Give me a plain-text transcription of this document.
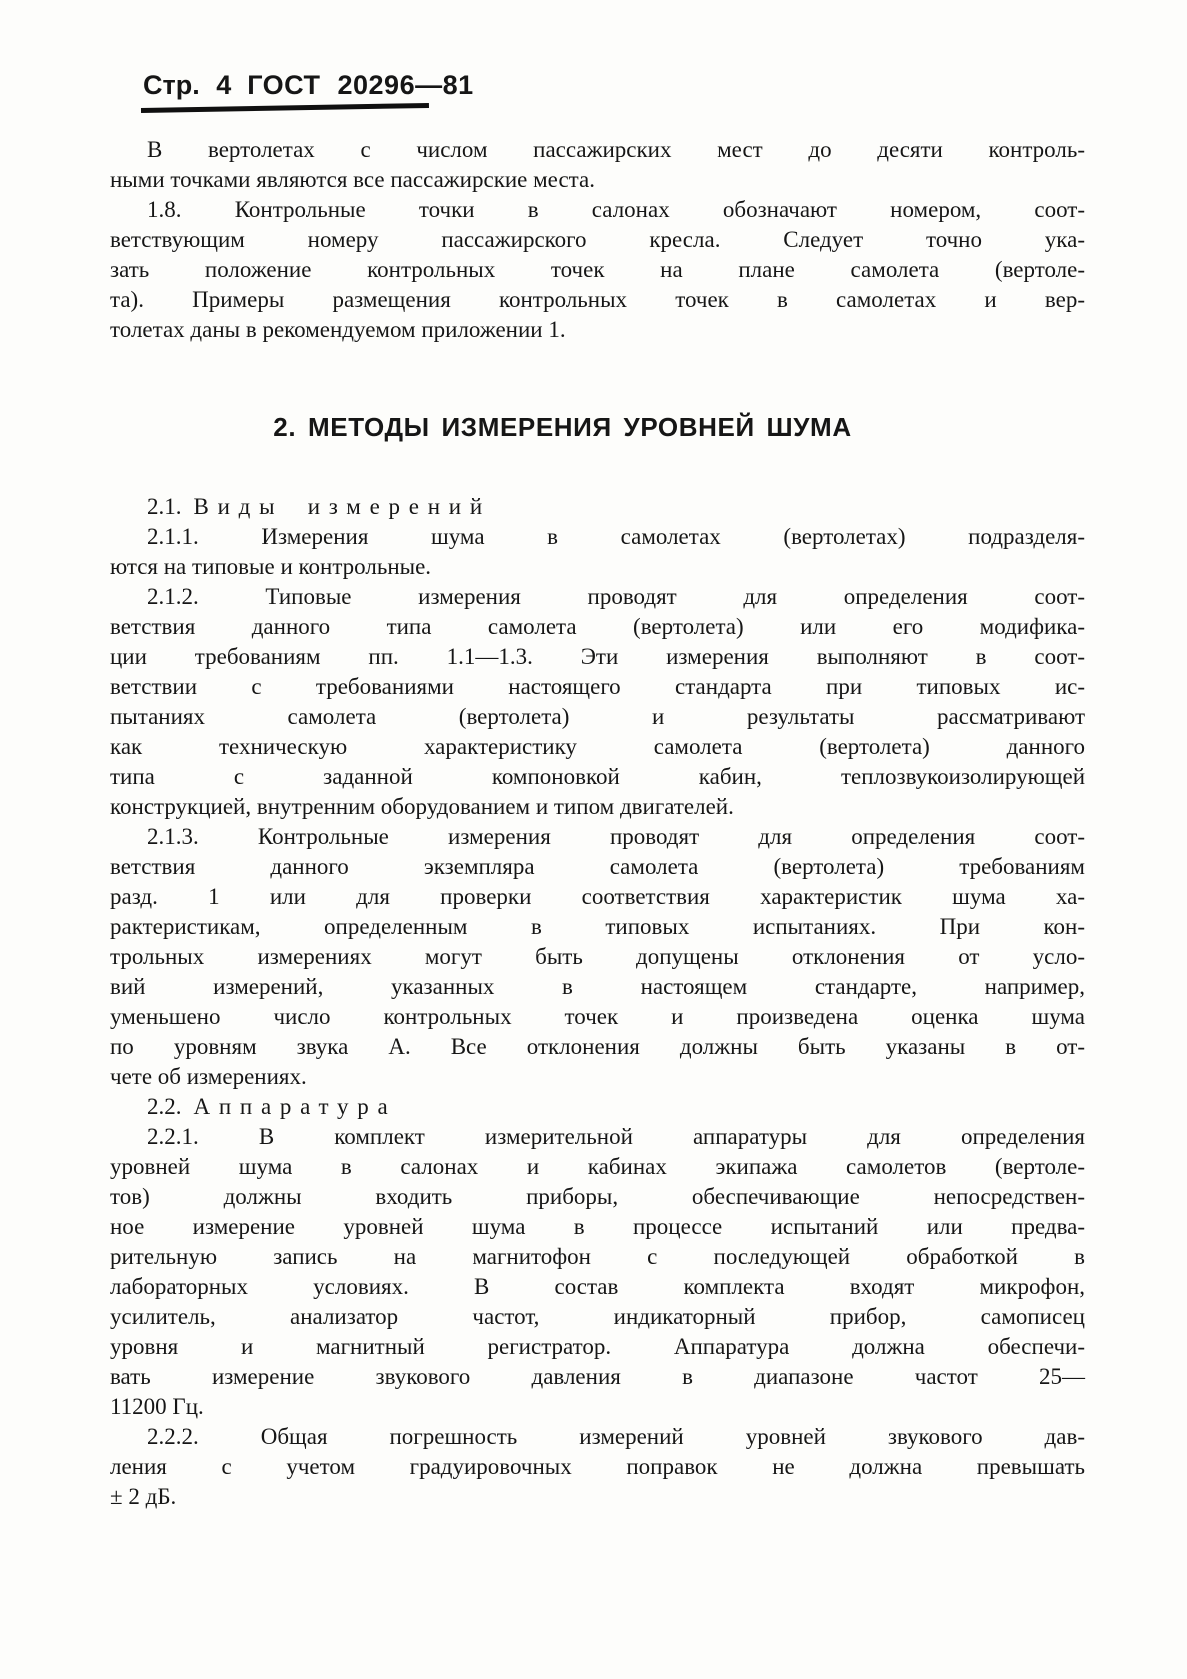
Стр. 4 ГОСТ 20296—81
В вертолетах с числом пассажирских мест до десяти контроль-
ными точками являются все пассажирские места.
1.8. Контрольные точки в салонах обозначают номером, соот-
ветствующим номеру пассажирского кресла. Следует точно ука-
зать положение контрольных точек на плане самолета (вертоле-
та). Примеры размещения контрольных точек в самолетах и вер-
толетах даны в рекомендуемом приложении 1.
2. МЕТОДЫ ИЗМЕРЕНИЯ УРОВНЕЙ ШУМА
2.1. Виды измерений
2.1.1. Измерения шума в самолетах (вертолетах) подразделя-
ются на типовые и контрольные.
2.1.2. Типовые измерения проводят для определения соот-
ветствия данного типа самолета (вертолета) или его модифика-
ции требованиям пп. 1.1—1.3. Эти измерения выполняют в соот-
ветствии с требованиями настоящего стандарта при типовых ис-
пытаниях самолета (вертолета) и результаты рассматривают
как техническую характеристику самолета (вертолета) данного
типа с заданной компоновкой кабин, теплозвукоизолирующей
конструкцией, внутренним оборудованием и типом двигателей.
2.1.3. Контрольные измерения проводят для определения соот-
ветствия данного экземпляра самолета (вертолета) требованиям
разд. 1 или для проверки соответствия характеристик шума ха-
рактеристикам, определенным в типовых испытаниях. При кон-
трольных измерениях могут быть допущены отклонения от усло-
вий измерений, указанных в настоящем стандарте, например,
уменьшено число контрольных точек и произведена оценка шума
по уровням звука А. Все отклонения должны быть указаны в от-
чете об измерениях.
2.2. Аппаратура
2.2.1. В комплект измерительной аппаратуры для определения
уровней шума в салонах и кабинах экипажа самолетов (вертоле-
тов) должны входить приборы, обеспечивающие непосредствен-
ное измерение уровней шума в процессе испытаний или предва-
рительную запись на магнитофон с последующей обработкой в
лабораторных условиях. В состав комплекта входят микрофон,
усилитель, анализатор частот, индикаторный прибор, самописец
уровня и магнитный регистратор. Аппаратура должна обеспечи-
вать измерение звукового давления в диапазоне частот 25—
11200 Гц.
2.2.2. Общая погрешность измерений уровней звукового дав-
ления с учетом градуировочных поправок не должна превышать
± 2 дБ.
